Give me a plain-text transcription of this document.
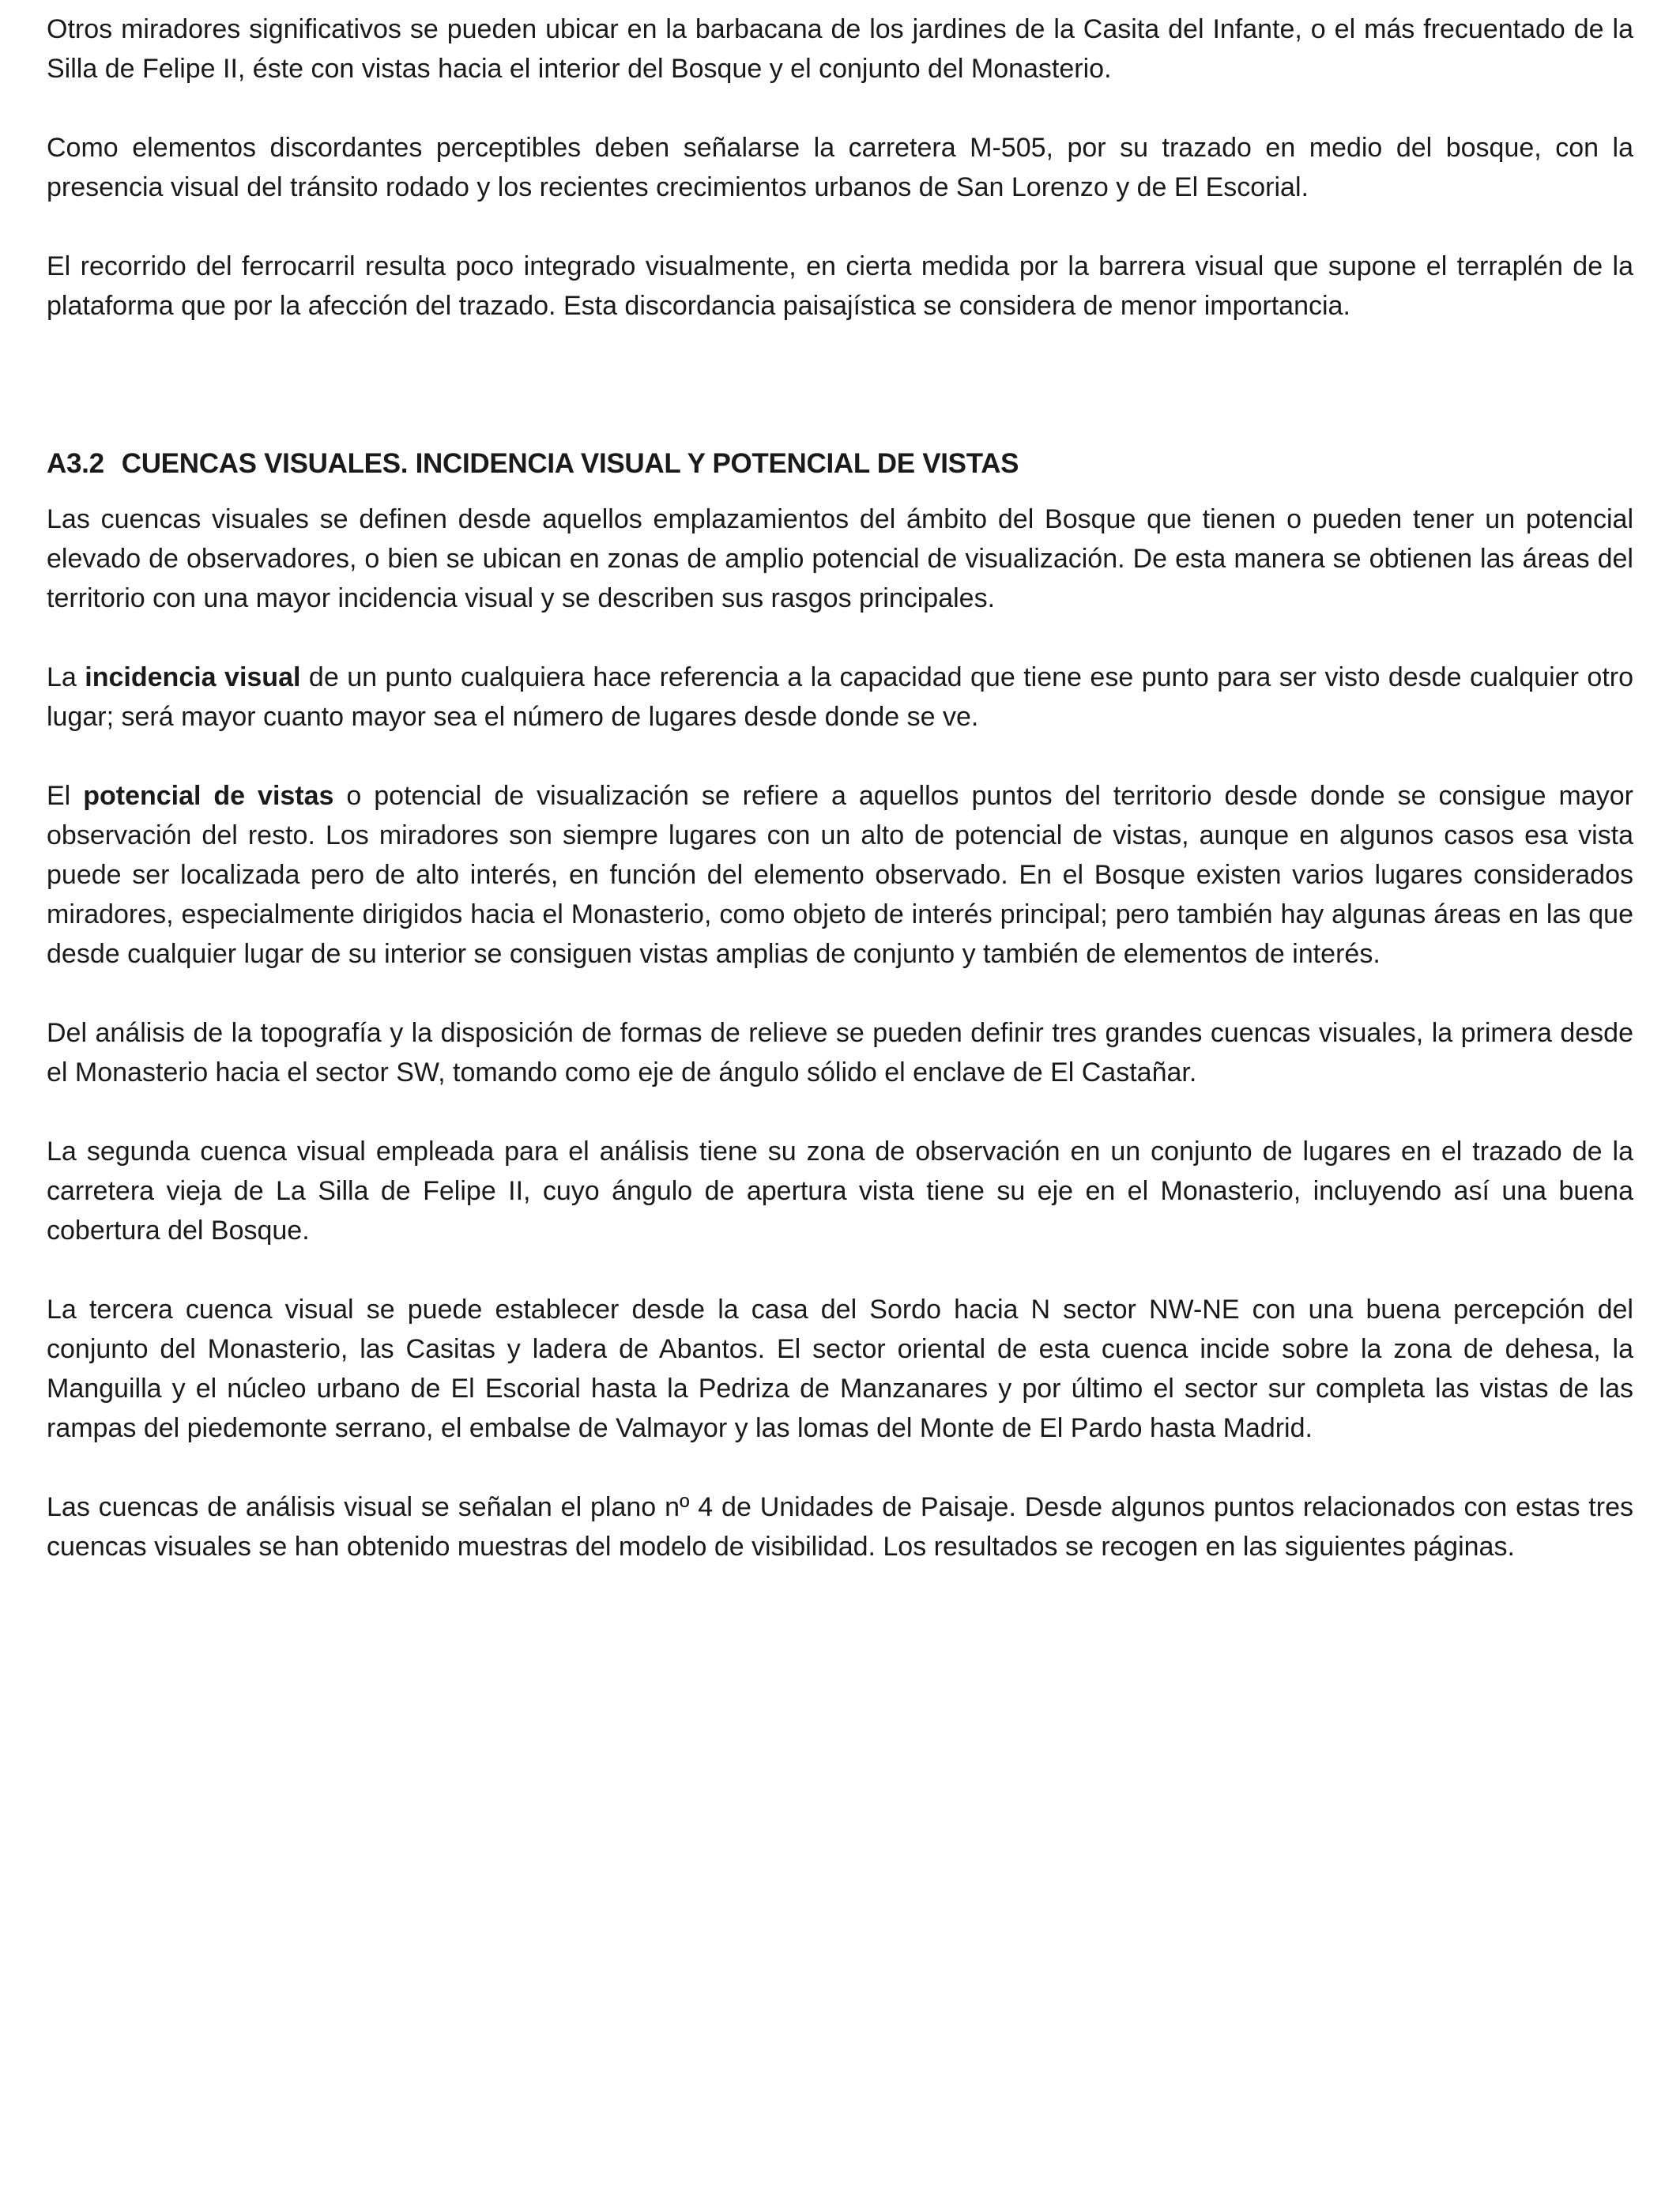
Otros miradores significativos se pueden ubicar en la barbacana de los jardines de la Casita del Infante, o el más frecuentado de la Silla de Felipe II, éste con vistas hacia el interior del Bosque y el conjunto del Monasterio.

Como elementos discordantes perceptibles deben señalarse la carretera M-505, por su trazado en medio del bosque, con la presencia visual del tránsito rodado y los recientes crecimientos urbanos de San Lorenzo y de El Escorial.

El recorrido del ferrocarril resulta poco integrado visualmente, en cierta medida por la barrera visual que supone el terraplén de la plataforma que por la afección del trazado. Esta discordancia paisajística se considera de menor importancia.

A3.2 CUENCAS VISUALES. INCIDENCIA VISUAL Y POTENCIAL DE VISTAS

Las cuencas visuales se definen desde aquellos emplazamientos del ámbito del Bosque que tienen o pueden tener un potencial elevado de observadores, o bien se ubican en zonas de amplio potencial de visualización. De esta manera se obtienen las áreas del territorio con una mayor incidencia visual y se describen sus rasgos principales.

La incidencia visual de un punto cualquiera hace referencia a la capacidad que tiene ese punto para ser visto desde cualquier otro lugar; será mayor cuanto mayor sea el número de lugares desde donde se ve.

El potencial de vistas o potencial de visualización se refiere a aquellos puntos del territorio desde donde se consigue mayor observación del resto. Los miradores son siempre lugares con un alto de potencial de vistas, aunque en algunos casos esa vista puede ser localizada pero de alto interés, en función del elemento observado. En el Bosque existen varios lugares considerados miradores, especialmente dirigidos hacia el Monasterio, como objeto de interés principal; pero también hay algunas áreas en las que desde cualquier lugar de su interior se consiguen vistas amplias de conjunto y también de elementos de interés.

Del análisis de la topografía y la disposición de formas de relieve se pueden definir tres grandes cuencas visuales, la primera desde el Monasterio hacia el sector SW, tomando como eje de ángulo sólido el enclave de El Castañar.

La segunda cuenca visual empleada para el análisis tiene su zona de observación en un conjunto de lugares en el trazado de la carretera vieja de La Silla de Felipe II, cuyo ángulo de apertura vista tiene su eje en el Monasterio, incluyendo así una buena cobertura del Bosque.

La tercera cuenca visual se puede establecer desde la casa del Sordo hacia N sector NW-NE con una buena percepción del conjunto del Monasterio, las Casitas y ladera de Abantos. El sector oriental de esta cuenca incide sobre la zona de dehesa, la Manguilla y el núcleo urbano de El Escorial hasta la Pedriza de Manzanares y por último el sector sur completa las vistas de las rampas del piedemonte serrano, el embalse de Valmayor y las lomas del Monte de El Pardo hasta Madrid.

Las cuencas de análisis visual se señalan el plano nº 4 de Unidades de Paisaje. Desde algunos puntos relacionados con estas tres cuencas visuales se han obtenido muestras del modelo de visibilidad. Los resultados se recogen en las siguientes páginas.
